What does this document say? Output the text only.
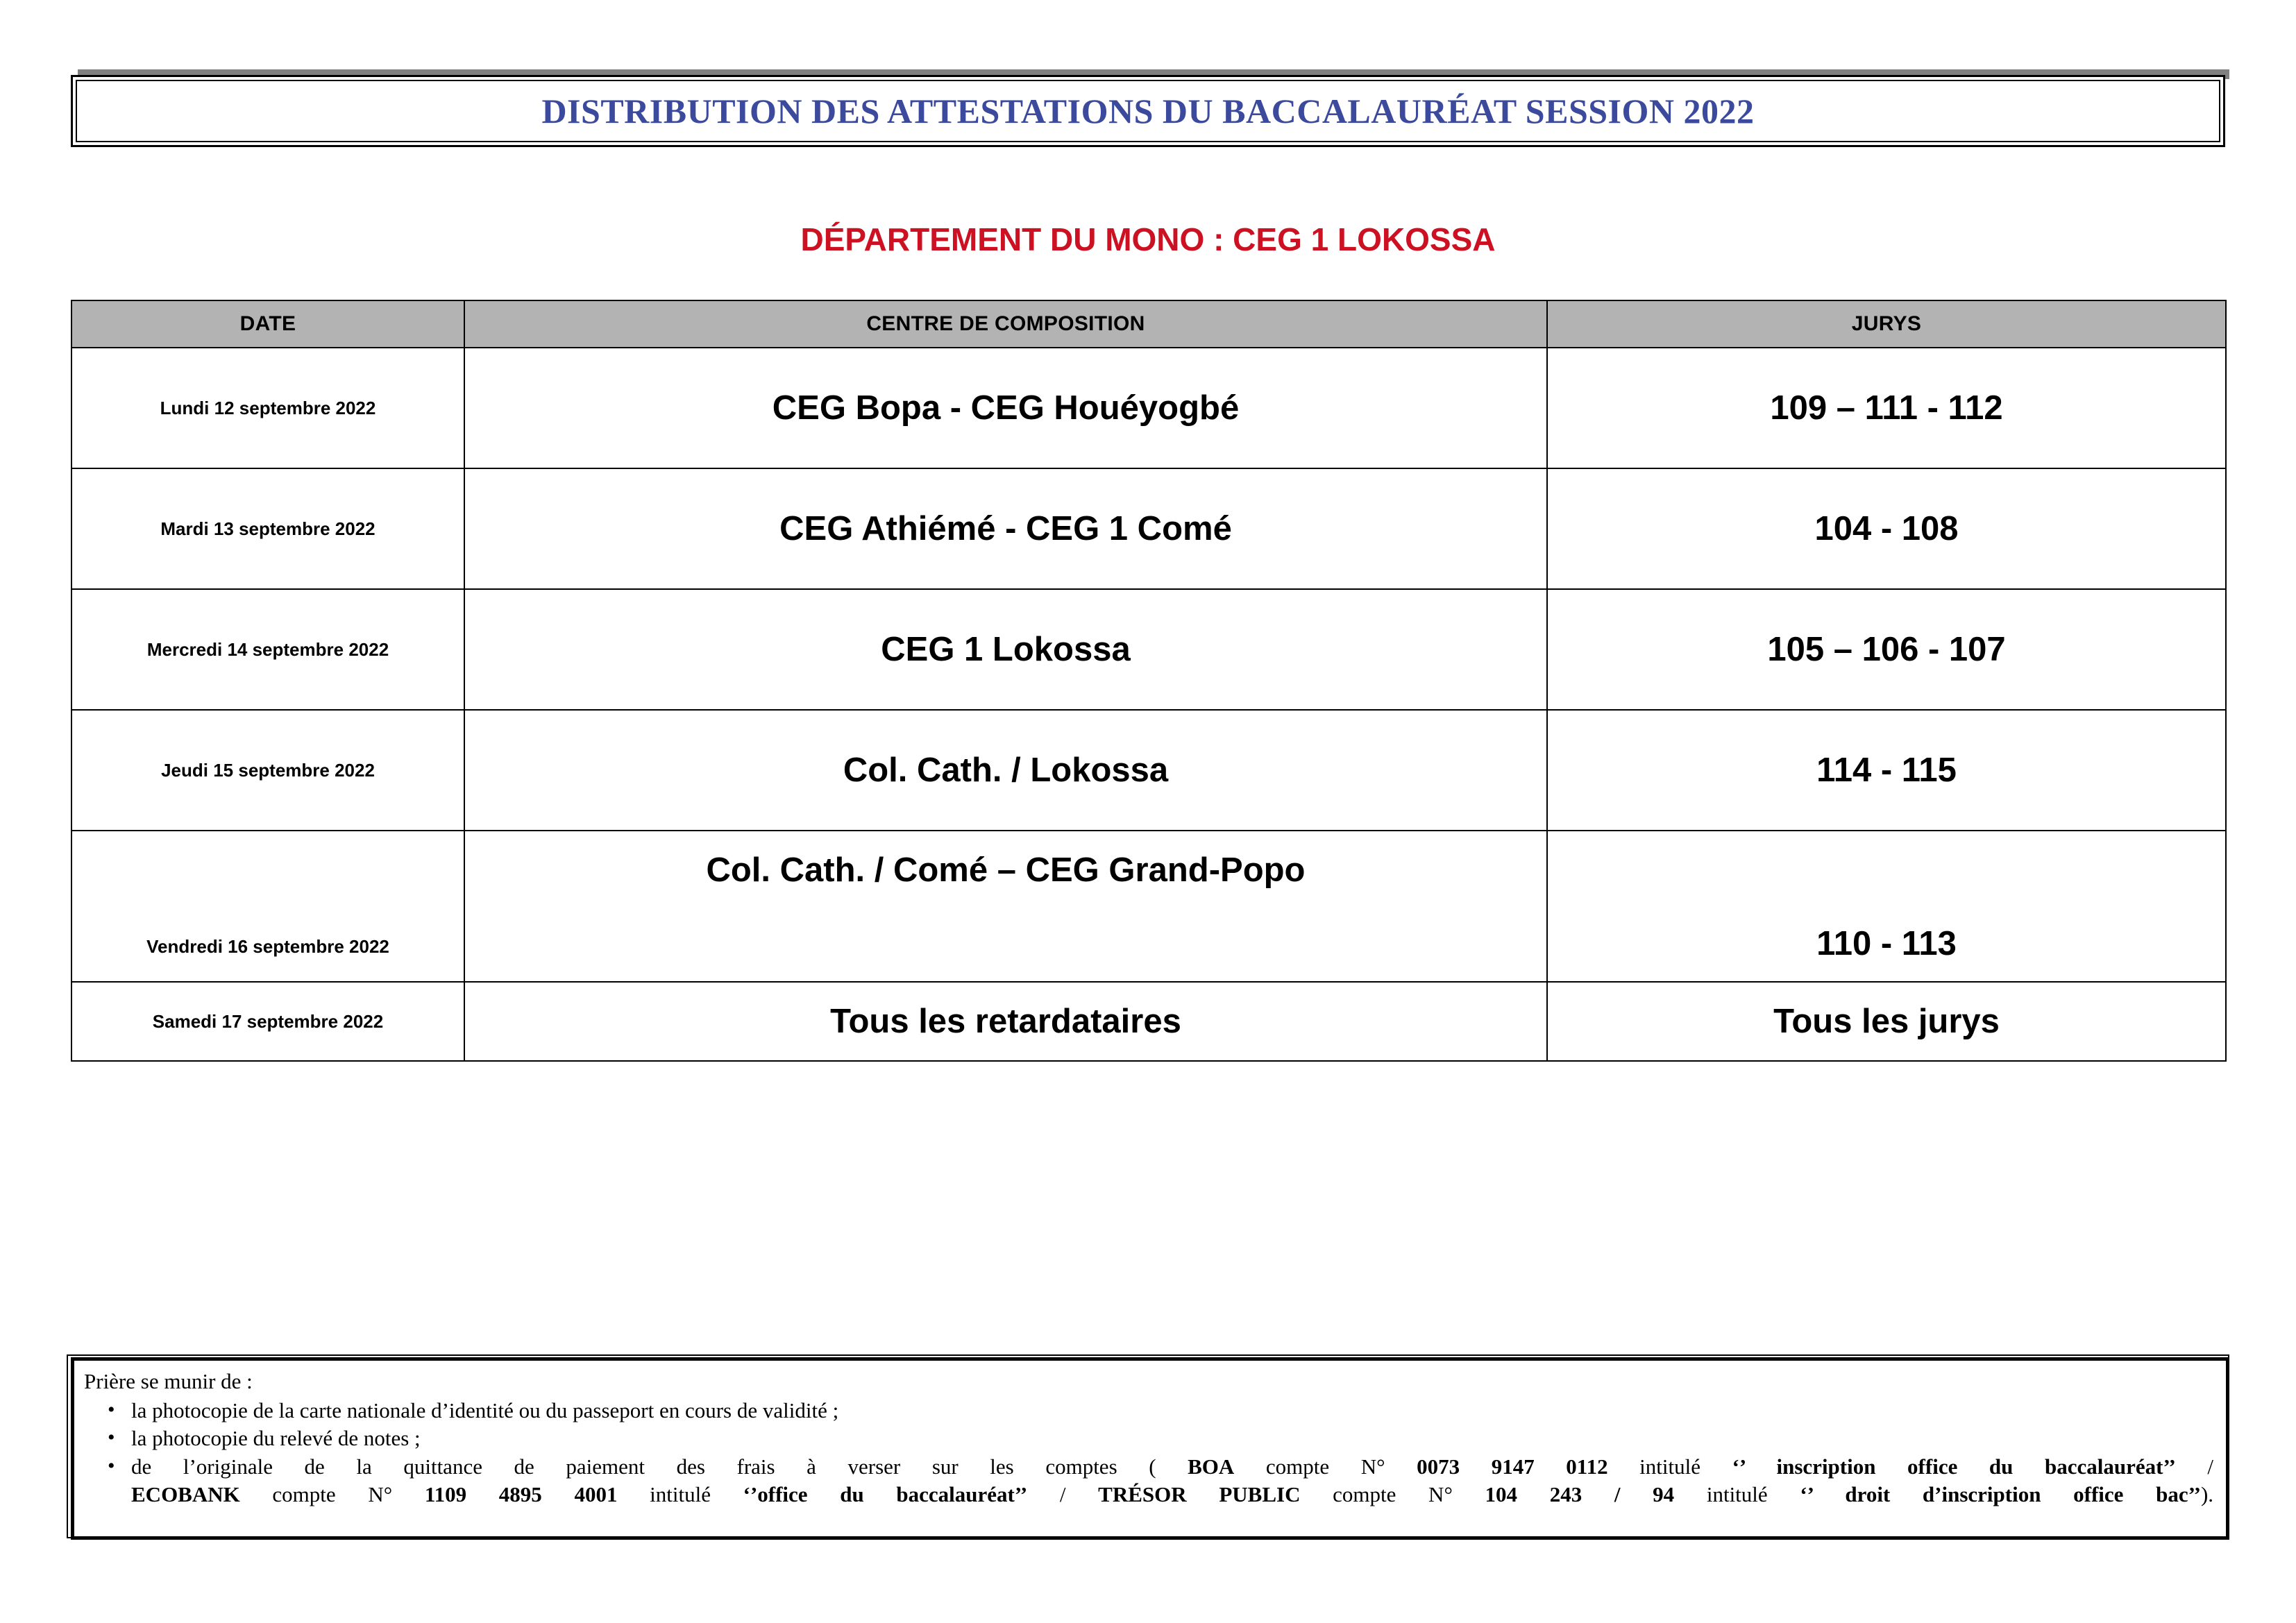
DISTRIBUTION DES ATTESTATIONS DU BACCALAURÉAT SESSION 2022
DÉPARTEMENT DU MONO : CEG 1 LOKOSSA
DATE	CENTRE DE COMPOSITION	JURYS
Lundi 12 septembre 2022	CEG Bopa - CEG Houéyogbé	109 – 111 - 112
Mardi 13 septembre 2022	CEG Athiémé - CEG 1 Comé	104 - 108
Mercredi 14 septembre 2022	CEG 1 Lokossa	105 – 106 - 107
Jeudi 15 septembre 2022	Col. Cath. / Lokossa	114 - 115
Vendredi 16 septembre 2022	Col. Cath. / Comé – CEG Grand-Popo	110 - 113
Samedi 17 septembre 2022	Tous les retardataires	Tous les jurys

Prière se munir de :

• la photocopie de la carte nationale d’identité ou du passeport en cours de validité ;
• la photocopie du relevé de notes ;
• de l’originale de la quittance de paiement des frais à verser sur les comptes ( BOA compte N° 0073 9147 0112 intitulé ‘’ inscription office du baccalauréat’’ /
ECOBANK compte N° 1109 4895 4001 intitulé ‘’office du baccalauréat’’ / TRÉSOR PUBLIC compte N° 104 243 / 94 intitulé ‘’ droit d’inscription office bac’’).
